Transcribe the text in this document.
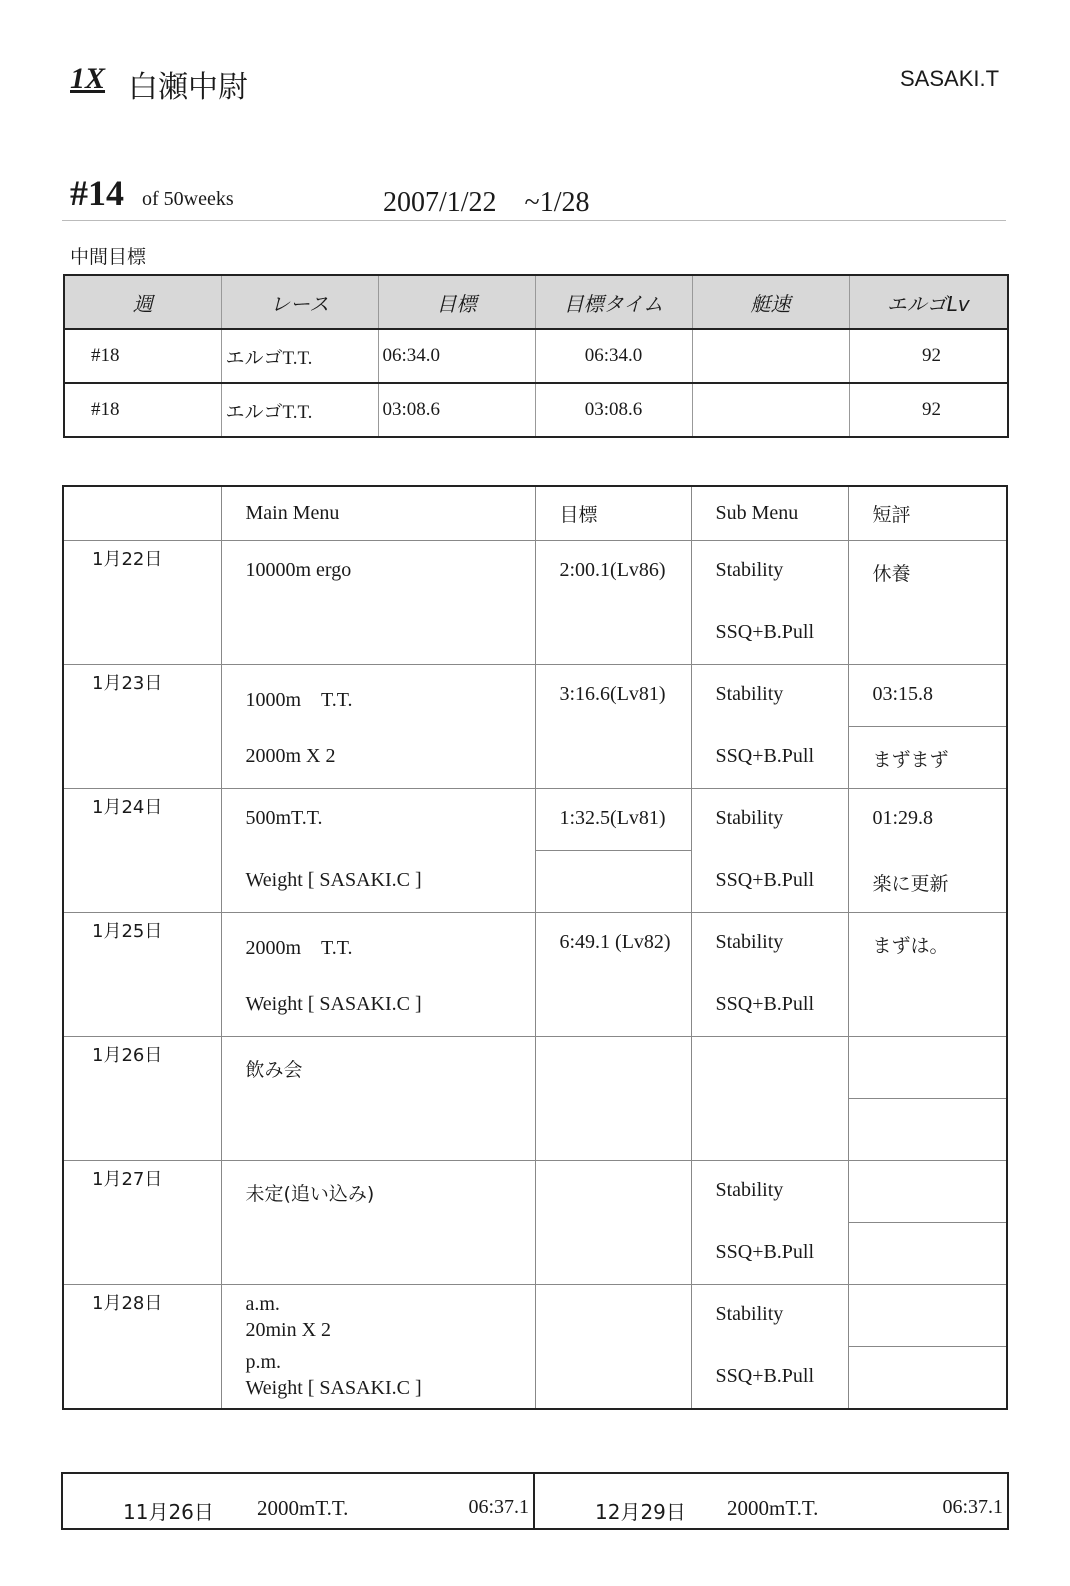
1X 白瀬中尉	SASAKI.T
#14 of 50weeks	2007/1/22　~1/28
中間目標
週	レース	目標	目標タイム	艇速	エルゴLv
#18	エルゴT.T.	06:34.0	06:34.0		92
#18	エルゴT.T.	03:08.6	03:08.6		92
	Main Menu	目標	Sub Menu	短評
1月22日	10000m ergo	2:00.1(Lv86)	Stability	休養
			SSQ+B.Pull	
1月23日	1000m　T.T.	3:16.6(Lv81)	Stability	03:15.8
	2000m X 2		SSQ+B.Pull	まずまず
1月24日	500mT.T.	1:32.5(Lv81)	Stability	01:29.8
	Weight [ SASAKI.C ]		SSQ+B.Pull	楽に更新
1月25日	2000m　T.T.	6:49.1 (Lv82)	Stability	まずは。
	Weight [ SASAKI.C ]		SSQ+B.Pull	
1月26日	飲み会			

1月27日	未定(追い込み)		Stability	
			SSQ+B.Pull	
1月28日	a.m.
20min X 2
p.m.
Weight [ SASAKI.C ]		Stability	
			SSQ+B.Pull	
11月26日 2000mT.T.	06:37.1	12月29日 2000mT.T.	06:37.1
